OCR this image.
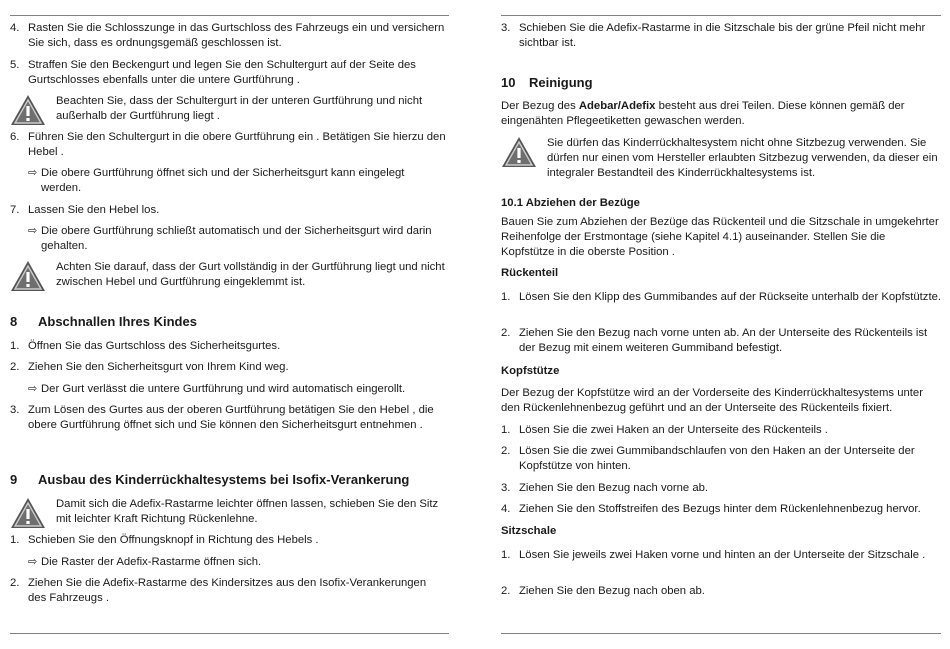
4. Rasten Sie die Schlosszunge in das Gurtschloss des Fahrzeugs ein und versichern Sie sich, dass es ordnungsgemäß geschlossen ist.
5. Straffen Sie den Beckengurt und legen Sie den Schultergurt auf der Seite des Gurtschlosses ebenfalls unter die untere Gurtführung .
Beachten Sie, dass der Schultergurt in der unteren Gurtführung und nicht außerhalb der Gurtführung liegt .
6. Führen Sie den Schultergurt in die obere Gurtführung ein . Betätigen Sie hierzu den Hebel .
⇨ Die obere Gurtführung öffnet sich und der Sicherheitsgurt kann eingelegt werden.
7. Lassen Sie den Hebel los.
⇨ Die obere Gurtführung schließt automatisch und der Sicherheitsgurt wird darin gehalten.
Achten Sie darauf, dass der Gurt vollständig in der Gurtführung liegt und nicht zwischen Hebel und Gurtführung eingeklemmt ist.
8 Abschnallen Ihres Kindes
1. Öffnen Sie das Gurtschloss des Sicherheitsgurtes.
2. Ziehen Sie den Sicherheitsgurt von Ihrem Kind weg.
⇨ Der Gurt verlässt die untere Gurtführung und wird automatisch eingerollt.
3. Zum Lösen des Gurtes aus der oberen Gurtführung betätigen Sie den Hebel , die obere Gurtführung öffnet sich und Sie können den Sicherheitsgurt entnehmen .
9 Ausbau des Kinderrückhaltesystems bei Isofix-Verankerung
Damit sich die Adefix-Rastarme leichter öffnen lassen, schieben Sie den Sitz mit leichter Kraft Richtung Rückenlehne.
1. Schieben Sie den Öffnungsknopf in Richtung des Hebels .
⇨ Die Raster der Adefix-Rastarme öffnen sich.
2. Ziehen Sie die Adefix-Rastarme des Kindersitzes aus den Isofix-Verankerungen des Fahrzeugs .
3. Schieben Sie die Adefix-Rastarme in die Sitzschale bis der grüne Pfeil nicht mehr sichtbar ist.
10 Reinigung
Der Bezug des Adebar/Adefix besteht aus drei Teilen. Diese können gemäß der eingenähten Pflegeetiketten gewaschen werden.
Sie dürfen das Kinderrückhaltesystem nicht ohne Sitzbezug verwenden. Sie dürfen nur einen vom Hersteller erlaubten Sitzbezug verwenden, da dieser ein integraler Bestandteil des Kinderrückhaltesystems ist.
10.1 Abziehen der Bezüge
Bauen Sie zum Abziehen der Bezüge das Rückenteil und die Sitzschale in umgekehrter Reihenfolge der Erstmontage (siehe Kapitel 4.1) auseinander. Stellen Sie die Kopfstütze in die oberste Position .
Rückenteil
1. Lösen Sie den Klipp des Gummibandes auf der Rückseite unterhalb der Kopfstützte.
2. Ziehen Sie den Bezug nach vorne unten ab. An der Unterseite des Rückenteils ist der Bezug mit einem weiteren Gummiband befestigt.
Kopfstütze
Der Bezug der Kopfstütze wird an der Vorderseite des Kinderrückhaltesystems unter den Rückenlehnenbezug geführt und an der Unterseite des Rückenteils fixiert.
1. Lösen Sie die zwei Haken an der Unterseite des Rückenteils .
2. Lösen Sie die zwei Gummibandschlaufen von den Haken an der Unterseite der Kopfstütze von hinten.
3. Ziehen Sie den Bezug nach vorne ab.
4. Ziehen Sie den Stoffstreifen des Bezugs hinter dem Rückenlehnenbezug hervor.
Sitzschale
1. Lösen Sie jeweils zwei Haken vorne und hinten an der Unterseite der Sitzschale .
2. Ziehen Sie den Bezug nach oben ab.
